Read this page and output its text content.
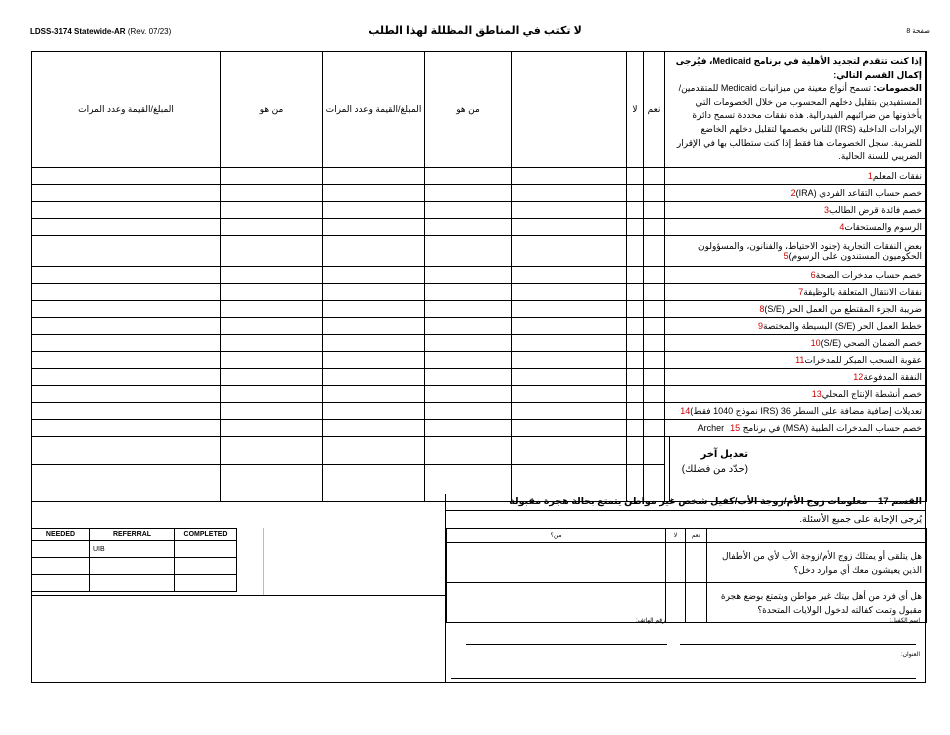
LDSS-3174 Statewide-AR (Rev. 07/23)	لا تكتب في المناطق المظللة لهذا الطلب	صفحة 8
المبلغ/القيمة وعدد المرات	من هو	المبلغ/القيمة وعدد المرات	من هو		لا	نعم	إذا كنت تتقدم لتجديد الأهلية في برنامج Medicaid، فيُرجى إكمال القسم التالي:
الخصومات: تسمح أنواع معينة من ميزانيات Medicaid للمتقدمين/المستفيدين بتقليل دخلهم المحسوب من خلال الخصومات التي يأخذونها من ضرائبهم الفيدرالية. هذه نفقات محددة تسمح دائرة الإيرادات الداخلية (IRS) للناس بخصمها لتقليل دخلهم الخاضع للضريبة. سجل الخصومات هنا فقط إذا كنت ستطالب بها في الإقرار الضريبي للسنة الحالية.
							نفقات المعلم1
							خصم حساب التقاعد الفردي (IRA)2
							خصم فائدة قرض الطالب3
							الرسوم والمستحقات4
							بعض النفقات التجارية (جنود الاحتياط، والفنانون، والمسؤولون الحكوميون المستندون على الرسوم)5
							خصم حساب مدخرات الصحة6
							نفقات الانتقال المتعلقة بالوظيفة7
							ضريبة الجزء المقتطع من العمل الحر (S/E)8
							خطط العمل الحر (S/E) البسيطة والمختصة9
							خصم الضمان الصحي (S/E)10
							عقوبة السحب المبكر للمدخرات11
							النفقة المدفوعة12
							خصم أنشطة الإنتاج المحلي13
							تعديلات إضافية مضافة على السطر 36 (IRS نموذج 1040 فقط)14
							خصم حساب المدخرات الطبية (MSA) في برنامج Archer15

							تعديل آخر
(حدّد من فضلك)

NEEDED	REFERRAL	COMPLETED
	UIB	

القسم 17 – معلومات زوج الأم/زوجة الأب/كفيل شخص غير مواطن يتمتع بحالة هجرة مقبولة
يُرجى الإجابة على جميع الأسئلة.
من؟	لا	نعم	
			هل يتلقى أو يمتلك زوج الأم/زوجة الأب لأي من الأطفال الذين يعيشون معك أي موارد دخل؟
			هل أي فرد من أهل بيتك غير مواطن ويتمتع بوضع هجرة مقبول وتمت كفالته لدخول الولايات المتحدة؟
اسم الكفيل:
رقم الهاتف:
العنوان:
